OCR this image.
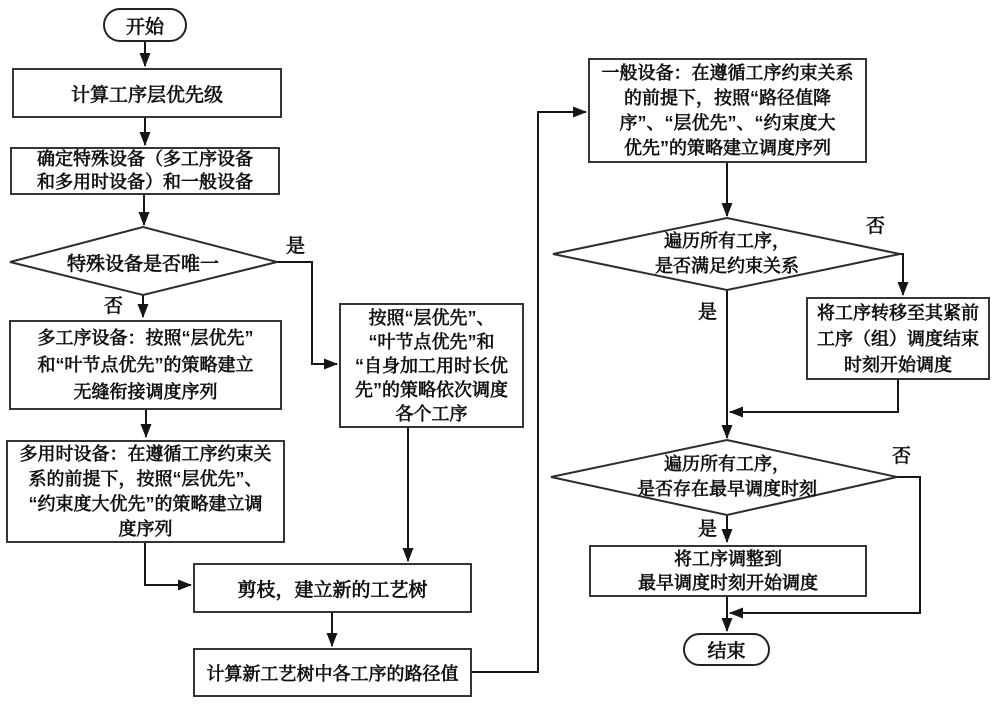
开始
结束
计算工序层优先级
确定特殊设备（多工序设备
和多用时设备）和一般设备
多工序设备：按照“层优先”
和“叶节点优先”的策略建立
无缝衔接调度序列
多用时设备：在遵循工序约束关
系的前提下，按照“层优先”、
“约束度大优先”的策略建立调
度序列
按照“层优先”、
“叶节点优先”和
“自身加工用时长优
先”的策略依次调度
各个工序
剪枝，建立新的工艺树
计算新工艺树中各工序的路径值
一般设备：在遵循工序约束关系
的前提下，按照“路径值降
序”、“层优先”、“约束度大
优先”的策略建立调度序列
将工序转移至其紧前
工序（组）调度结束
时刻开始调度
将工序调整到
最早调度时刻开始调度
特殊设备是否唯一
遍历所有工序，
是否满足约束关系
遍历所有工序，
是否存在最早调度时刻
是
否
否
是
否
是
